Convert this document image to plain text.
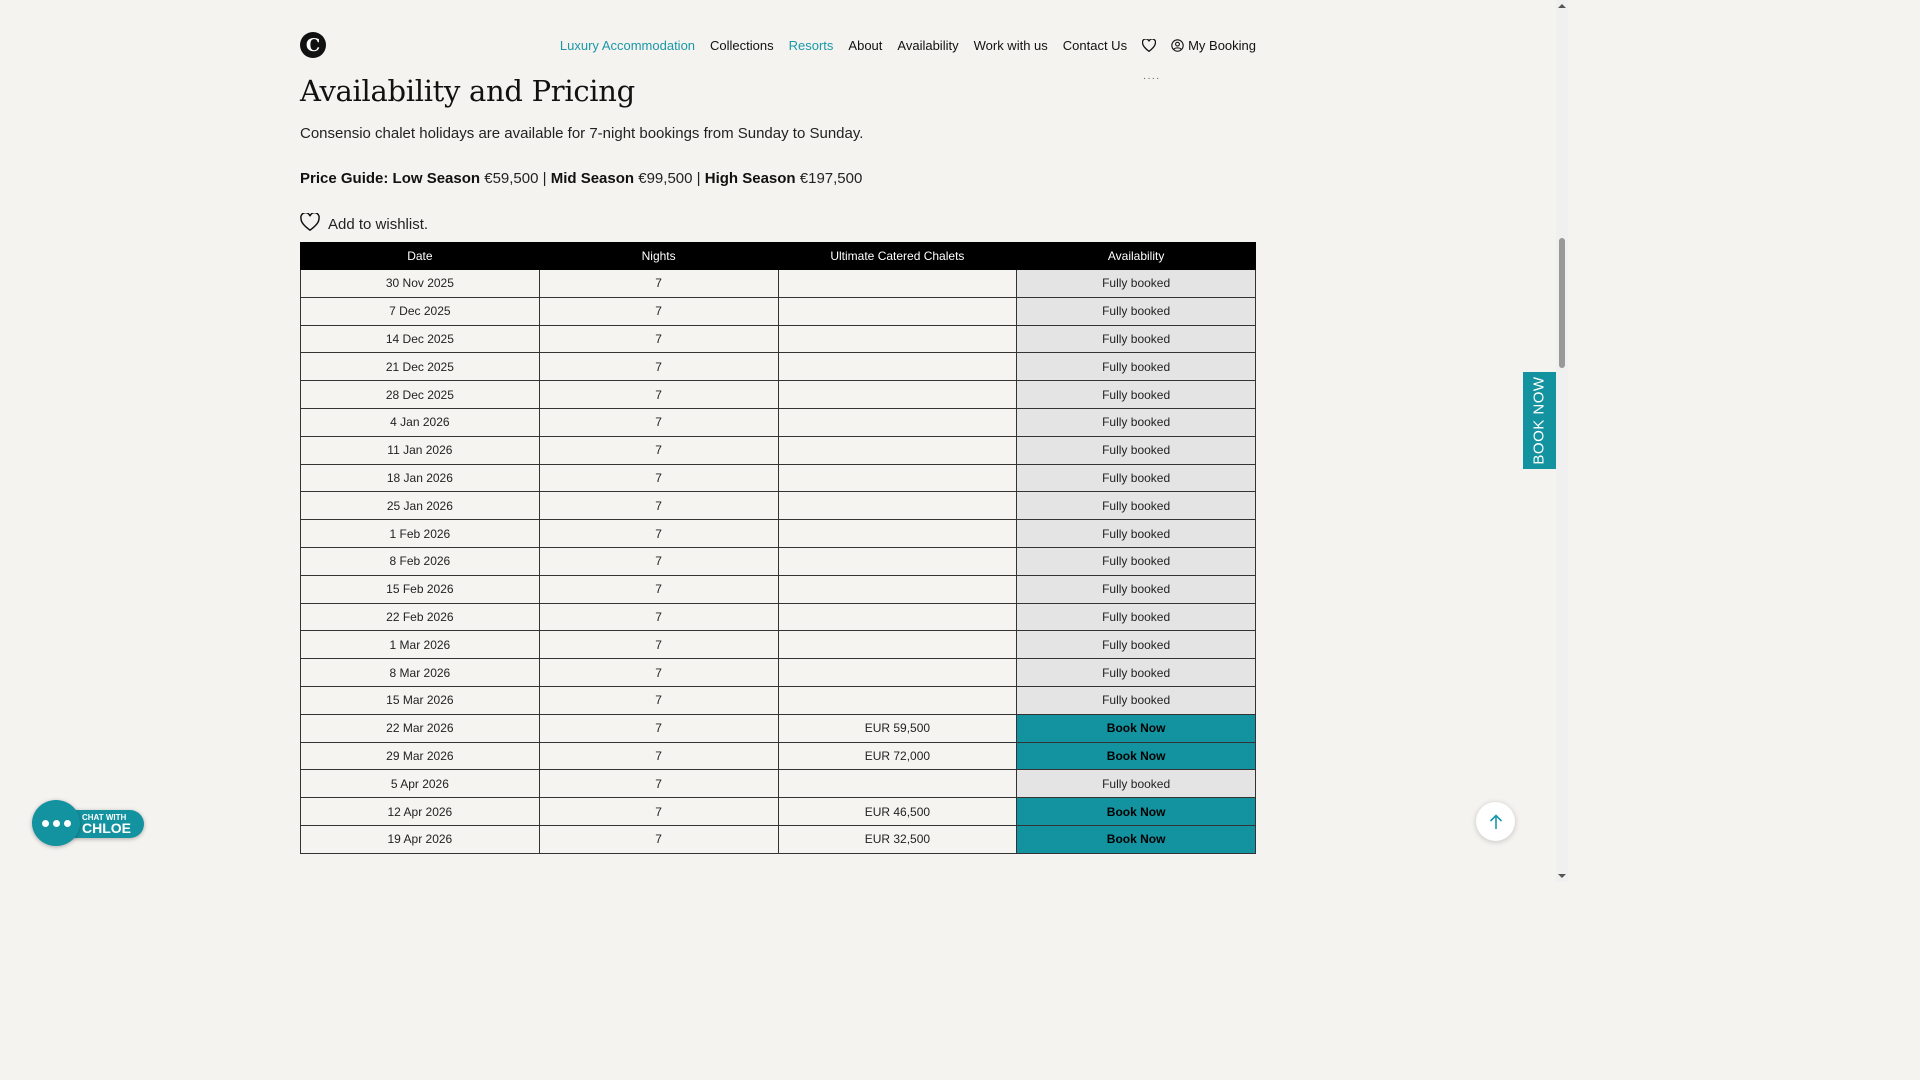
C	Luxury Accommodation Collections Resorts About Availability Work with us Contact Us	My Booking
····
Availability and Pricing

Consensio chalet holidays are available for 7-night bookings from Sunday to Sunday.

Price Guide: Low Season €59,500 | Mid Season €99,500 | High Season €197,500

Add to wishlist.
Date	Nights	Ultimate Catered Chalets	Availability
30 Nov 2025	7		Fully booked
7 Dec 2025	7		Fully booked
14 Dec 2025	7		Fully booked
21 Dec 2025	7		Fully booked
28 Dec 2025	7		Fully booked
4 Jan 2026	7		Fully booked
11 Jan 2026	7		Fully booked
18 Jan 2026	7		Fully booked
25 Jan 2026	7		Fully booked
1 Feb 2026	7		Fully booked
8 Feb 2026	7		Fully booked
15 Feb 2026	7		Fully booked
22 Feb 2026	7		Fully booked
1 Mar 2026	7		Fully booked
8 Mar 2026	7		Fully booked
15 Mar 2026	7		Fully booked
22 Mar 2026	7	EUR 59,500	Book Now
29 Mar 2026	7	EUR 72,000	Book Now
5 Apr 2026	7		Fully booked
12 Apr 2026	7	EUR 46,500	Book Now
19 Apr 2026	7	EUR 32,500	Book Now
BOOK NOW
CHAT WITH
CHLOE
